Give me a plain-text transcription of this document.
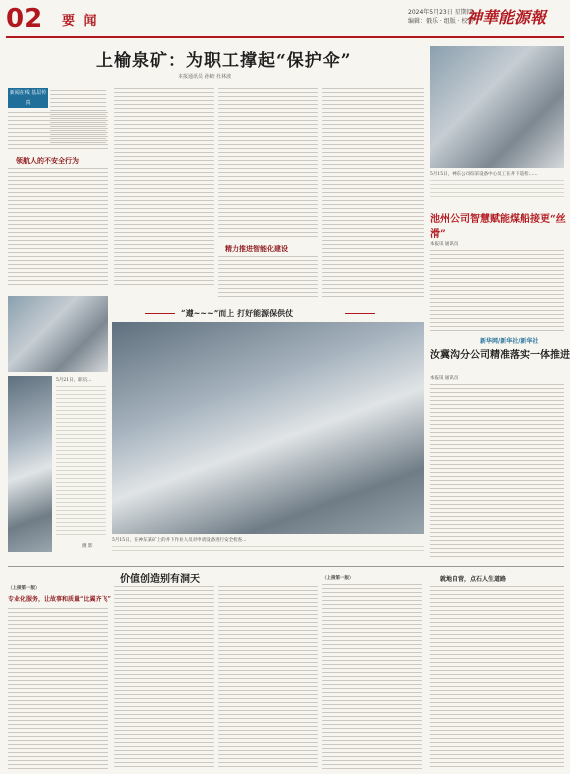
02 要 闻
2024年5月23日 星期四
编辑：俄乐 · 组版 · 校对
神華能源報
上榆泉矿：为职工撑起“保护伞”
本报通讯员 孙蛟 杜林波
新闻在线 基层传真
领航人的不安全行为
精力推进智能化建设
5月21日，职员…
摄 影
“遵~~~”而上 打好能源保供仗
5月15日，在神东某矿上的井下作业人员对申请设备进行安全检查…
5月15日，神东公司综采设备中心员工在井下巡检……
池州公司智慧赋能煤船接更“丝滑”
本报讯 通讯员
新华网/新华社/新华社
汝冀沟分公司精准落实一体推进
本报讯 通讯员
价值创造别有洞天
（上接第一版）
专业化服务，让故事和质量“比翼齐飞”
（上接第一版）	就地自营，点石人生道路
